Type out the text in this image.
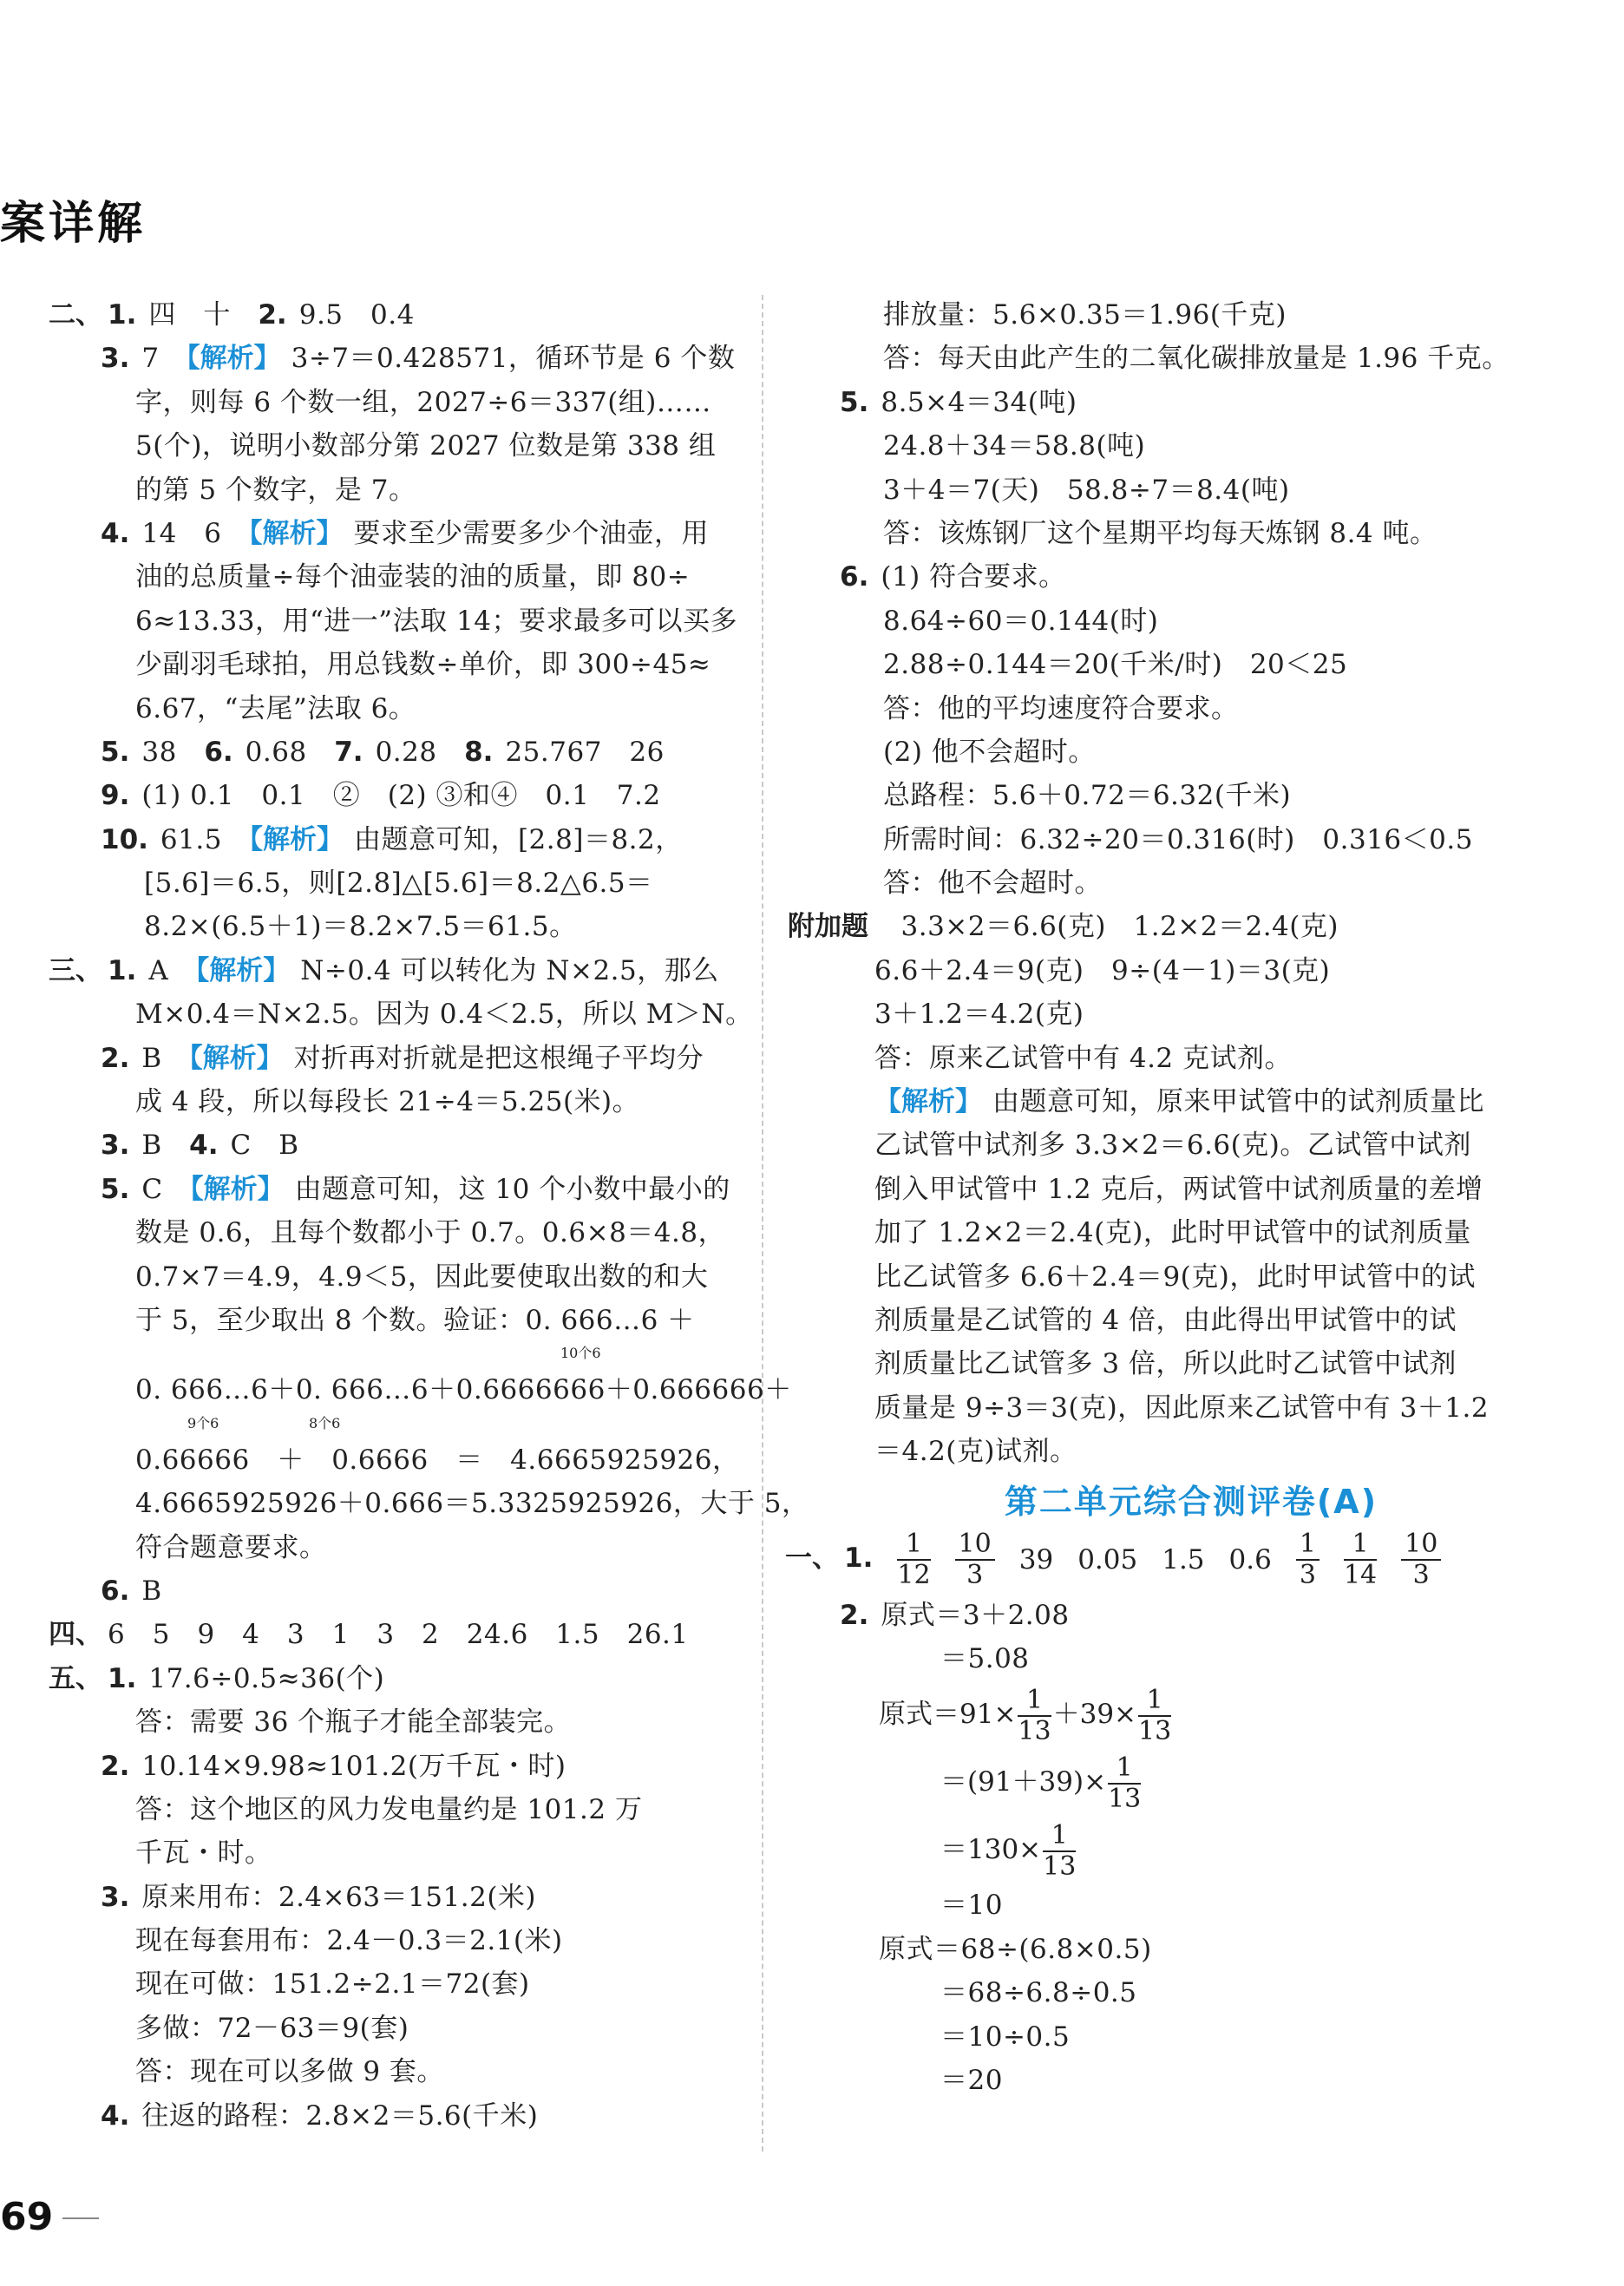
案详解
二、 1. 四　十　2. 9.5　0.4
3. 7　【解析】 3÷7＝0.428571，循环节是 6 个数
字，则每 6 个数一组，2027÷6＝337(组)……
5(个)，说明小数部分第 2027 位数是第 338 组
的第 5 个数字，是 7。
4. 14　6　【解析】 要求至少需要多少个油壶，用
油的总质量÷每个油壶装的油的质量，即 80÷
6≈13.33，用“进一”法取 14；要求最多可以买多
少副羽毛球拍，用总钱数÷单价，即 300÷45≈
6.67，“去尾”法取 6。
5. 38　6. 0.68　7. 0.28　8. 25.767　26
9. (1) 0.1　0.1　②　(2) ③和④　0.1　7.2
10. 61.5　【解析】 由题意可知，[2.8]＝8.2，
[5.6]＝6.5，则[2.8]△[5.6]＝8.2△6.5＝
8.2×(6.5＋1)＝8.2×7.5＝61.5。
三、 1. A　【解析】 N÷0.4 可以转化为 N×2.5，那么
M×0.4＝N×2.5。因为 0.4＜2.5，所以 M＞N。
2. B　【解析】 对折再对折就是把这根绳子平均分
成 4 段，所以每段长 21÷4＝5.25(米)。
3. B　4. C　B
5. C　【解析】 由题意可知，这 10 个小数中最小的
数是 0.6，且每个数都小于 0.7。0.6×8＝4.8，
0.7×7＝4.9，4.9＜5，因此要使取出数的和大
于 5，至少取出 8 个数。验证：0. 666…6 ＋
10个6
0. 666…6＋0. 666…6＋0.6666666＋0.666666＋
9个6	8个6
0.66666　＋　0.6666　＝　4.6665925926，
4.6665925926＋0.666＝5.3325925926，大于 5，
符合题意要求。
6. B
四、 6　5　9　4　3　1　3　2　24.6　1.5　26.1
五、 1. 17.6÷0.5≈36(个)
答：需要 36 个瓶子才能全部装完。
2. 10.14×9.98≈101.2(万千瓦・时)
答：这个地区的风力发电量约是 101.2 万
千瓦・时。
3. 原来用布：2.4×63＝151.2(米)
现在每套用布：2.4－0.3＝2.1(米)
现在可做：151.2÷2.1＝72(套)
多做：72－63＝9(套)
答：现在可以多做 9 套。
4. 往返的路程：2.8×2＝5.6(千米)
排放量：5.6×0.35＝1.96(千克)
答：每天由此产生的二氧化碳排放量是 1.96 千克。
5. 8.5×4＝34(吨)
24.8＋34＝58.8(吨)
3＋4＝7(天)　58.8÷7＝8.4(吨)
答：该炼钢厂这个星期平均每天炼钢 8.4 吨。
6. (1) 符合要求。
8.64÷60＝0.144(时)
2.88÷0.144＝20(千米/时)　20＜25
答：他的平均速度符合要求。
(2) 他不会超时。
总路程：5.6＋0.72＝6.32(千米)
所需时间：6.32÷20＝0.316(时)　0.316＜0.5
答：他不会超时。
附加题　3.3×2＝6.6(克)　1.2×2＝2.4(克)
6.6＋2.4＝9(克)　9÷(4－1)＝3(克)
3＋1.2＝4.2(克)
答：原来乙试管中有 4.2 克试剂。
【解析】 由题意可知，原来甲试管中的试剂质量比
乙试管中试剂多 3.3×2＝6.6(克)。乙试管中试剂
倒入甲试管中 1.2 克后，两试管中试剂质量的差增
加了 1.2×2＝2.4(克)，此时甲试管中的试剂质量
比乙试管多 6.6＋2.4＝9(克)，此时甲试管中的试
剂质量是乙试管的 4 倍，由此得出甲试管中的试
剂质量比乙试管多 3 倍，所以此时乙试管中试剂
质量是 9÷3＝3(克)，因此原来乙试管中有 3＋1.2
＝4.2(克)试剂。
第二单元综合测评卷(A)
一、 1. $\frac{1}{12} \frac{10}{3} 39$ 0.05 1.5 $0.6 \frac{1}{3} \frac{1}{14} \frac{10}{3}$
2. 原式＝3＋2.08
＝5.08
原式$=91\times \frac{1}{13} +39\times \frac{1}{13}$
$=(91+39)\times \frac{1}{13}$
$=130\times \frac{1}{13}$
＝10
原式＝68÷(6.8×0.5)
＝68÷6.8÷0.5
＝10÷0.5
＝20
69
